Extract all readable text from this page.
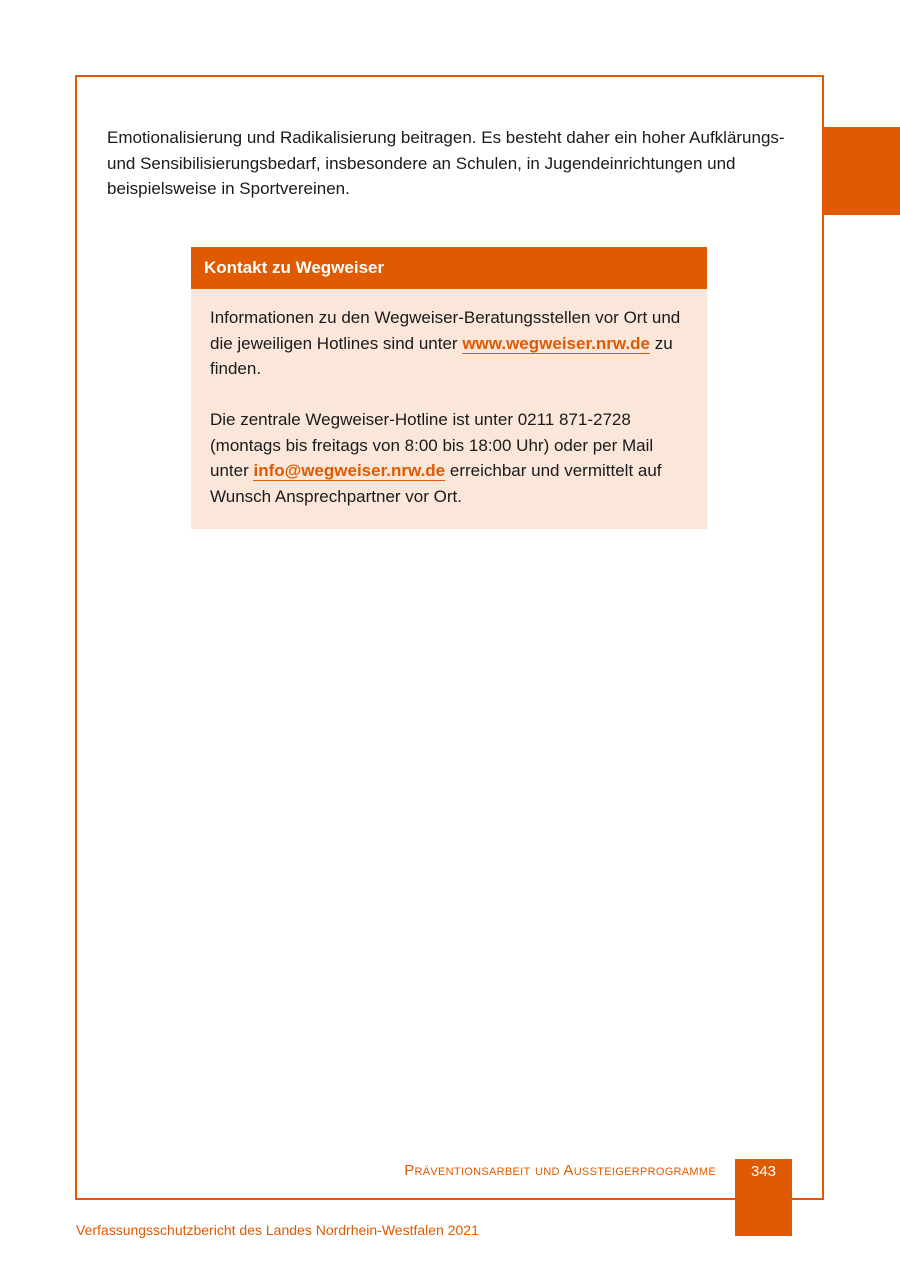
Emotionalisierung und Radikalisierung beitragen. Es besteht daher ein hoher Aufklärungs- und Sensibilisierungsbedarf, insbesondere an Schulen, in Jugendeinrichtungen und beispielsweise in Sportvereinen.

Kontakt zu Wegweiser

Informationen zu den Wegweiser-Beratungsstellen vor Ort und die jeweiligen Hotlines sind unter www.wegweiser.nrw.de zu finden.

Die zentrale Wegweiser-Hotline ist unter 0211 871-2728 (montags bis freitags von 8:00 bis 18:00 Uhr) oder per Mail unter info@wegweiser.nrw.de erreichbar und vermittelt auf Wunsch Ansprechpartner vor Ort.

Präventionsarbeit und Aussteigerprogramme	343
Verfassungsschutzbericht des Landes Nordrhein-Westfalen 2021
